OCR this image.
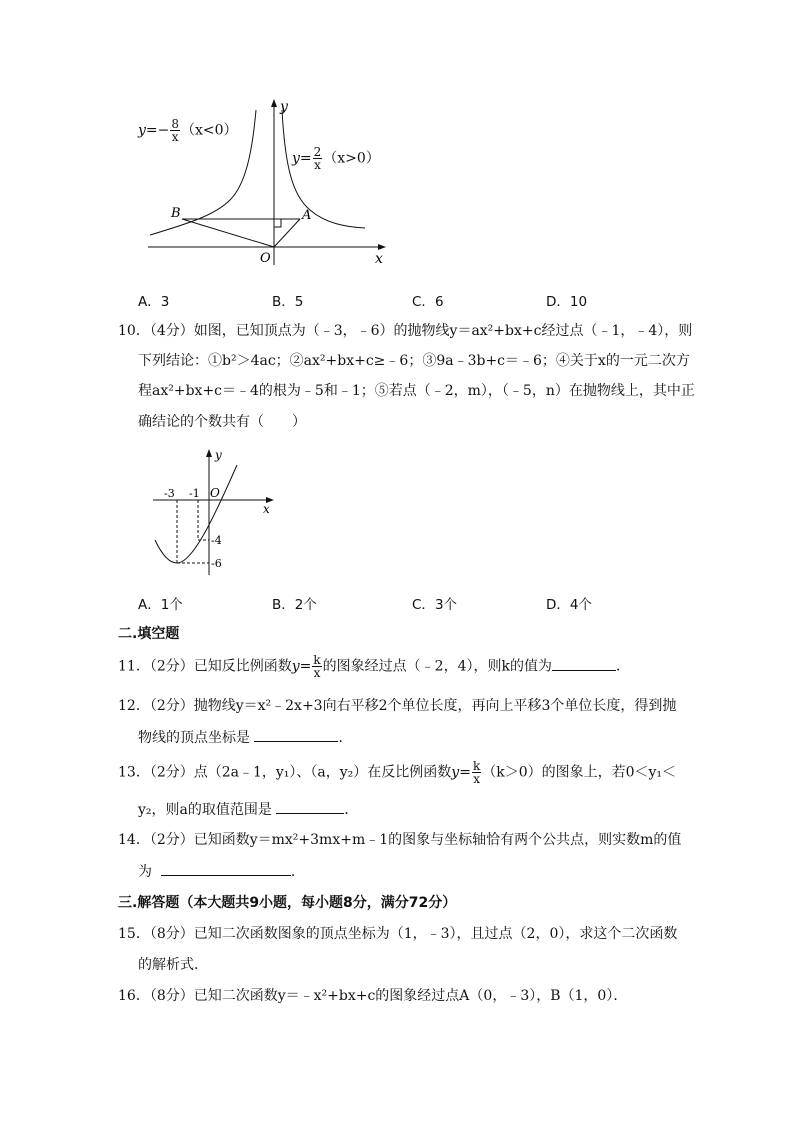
y
x
B	A
O
$y=- \frac{8}{x} (x<0)$
$y= \frac{2}{x} (x>0)$
A．3	B．5	C．6	D．10
10．（4分）如图，已知顶点为（﹣3，﹣6）的抛物线y＝ax²+bx+c经过点（﹣1，﹣4），则
下列结论：①b²＞4ac；②ax²+bx+c≥﹣6；③9a﹣3b+c＝﹣6；④关于x的一元二次方
程ax²+bx+c＝﹣4的根为﹣5和﹣1；⑤若点（﹣2，m），（﹣5，n）在抛物线上，其中正
确结论的个数共有（　　）
y
x
O
-3 -1
-4
-6
A．1个	B．2个	C．3个	D．4个
二.填空题
11．（2分）已知反比例函数$y= \frac{k}{x}$ 的图象经过点（﹣2，4），则k的值为	．
12．（2分）抛物线y＝x²﹣2x+3向右平移2个单位长度，再向上平移3个单位长度，得到抛
物线的顶点坐标是	．
13．（2分）点（2a﹣1，y₁）、（a，y₂）在反比例函数$y= \frac{k}{x} (k>0)$的图象上，若0＜y₁＜
y₂，则a的取值范围是	．
14．（2分）已知函数y＝mx²+3mx+m﹣1的图象与坐标轴恰有两个公共点，则实数m的值
为	．
三.解答题（本大题共9小题，每小题8分，满分72分）
15．（8分）已知二次函数图象的顶点坐标为（1，﹣3），且过点（2，0），求这个二次函数
的解析式．
16．（8分）已知二次函数y＝﹣x²+bx+c的图象经过点A（0，﹣3），B（1，0）．
